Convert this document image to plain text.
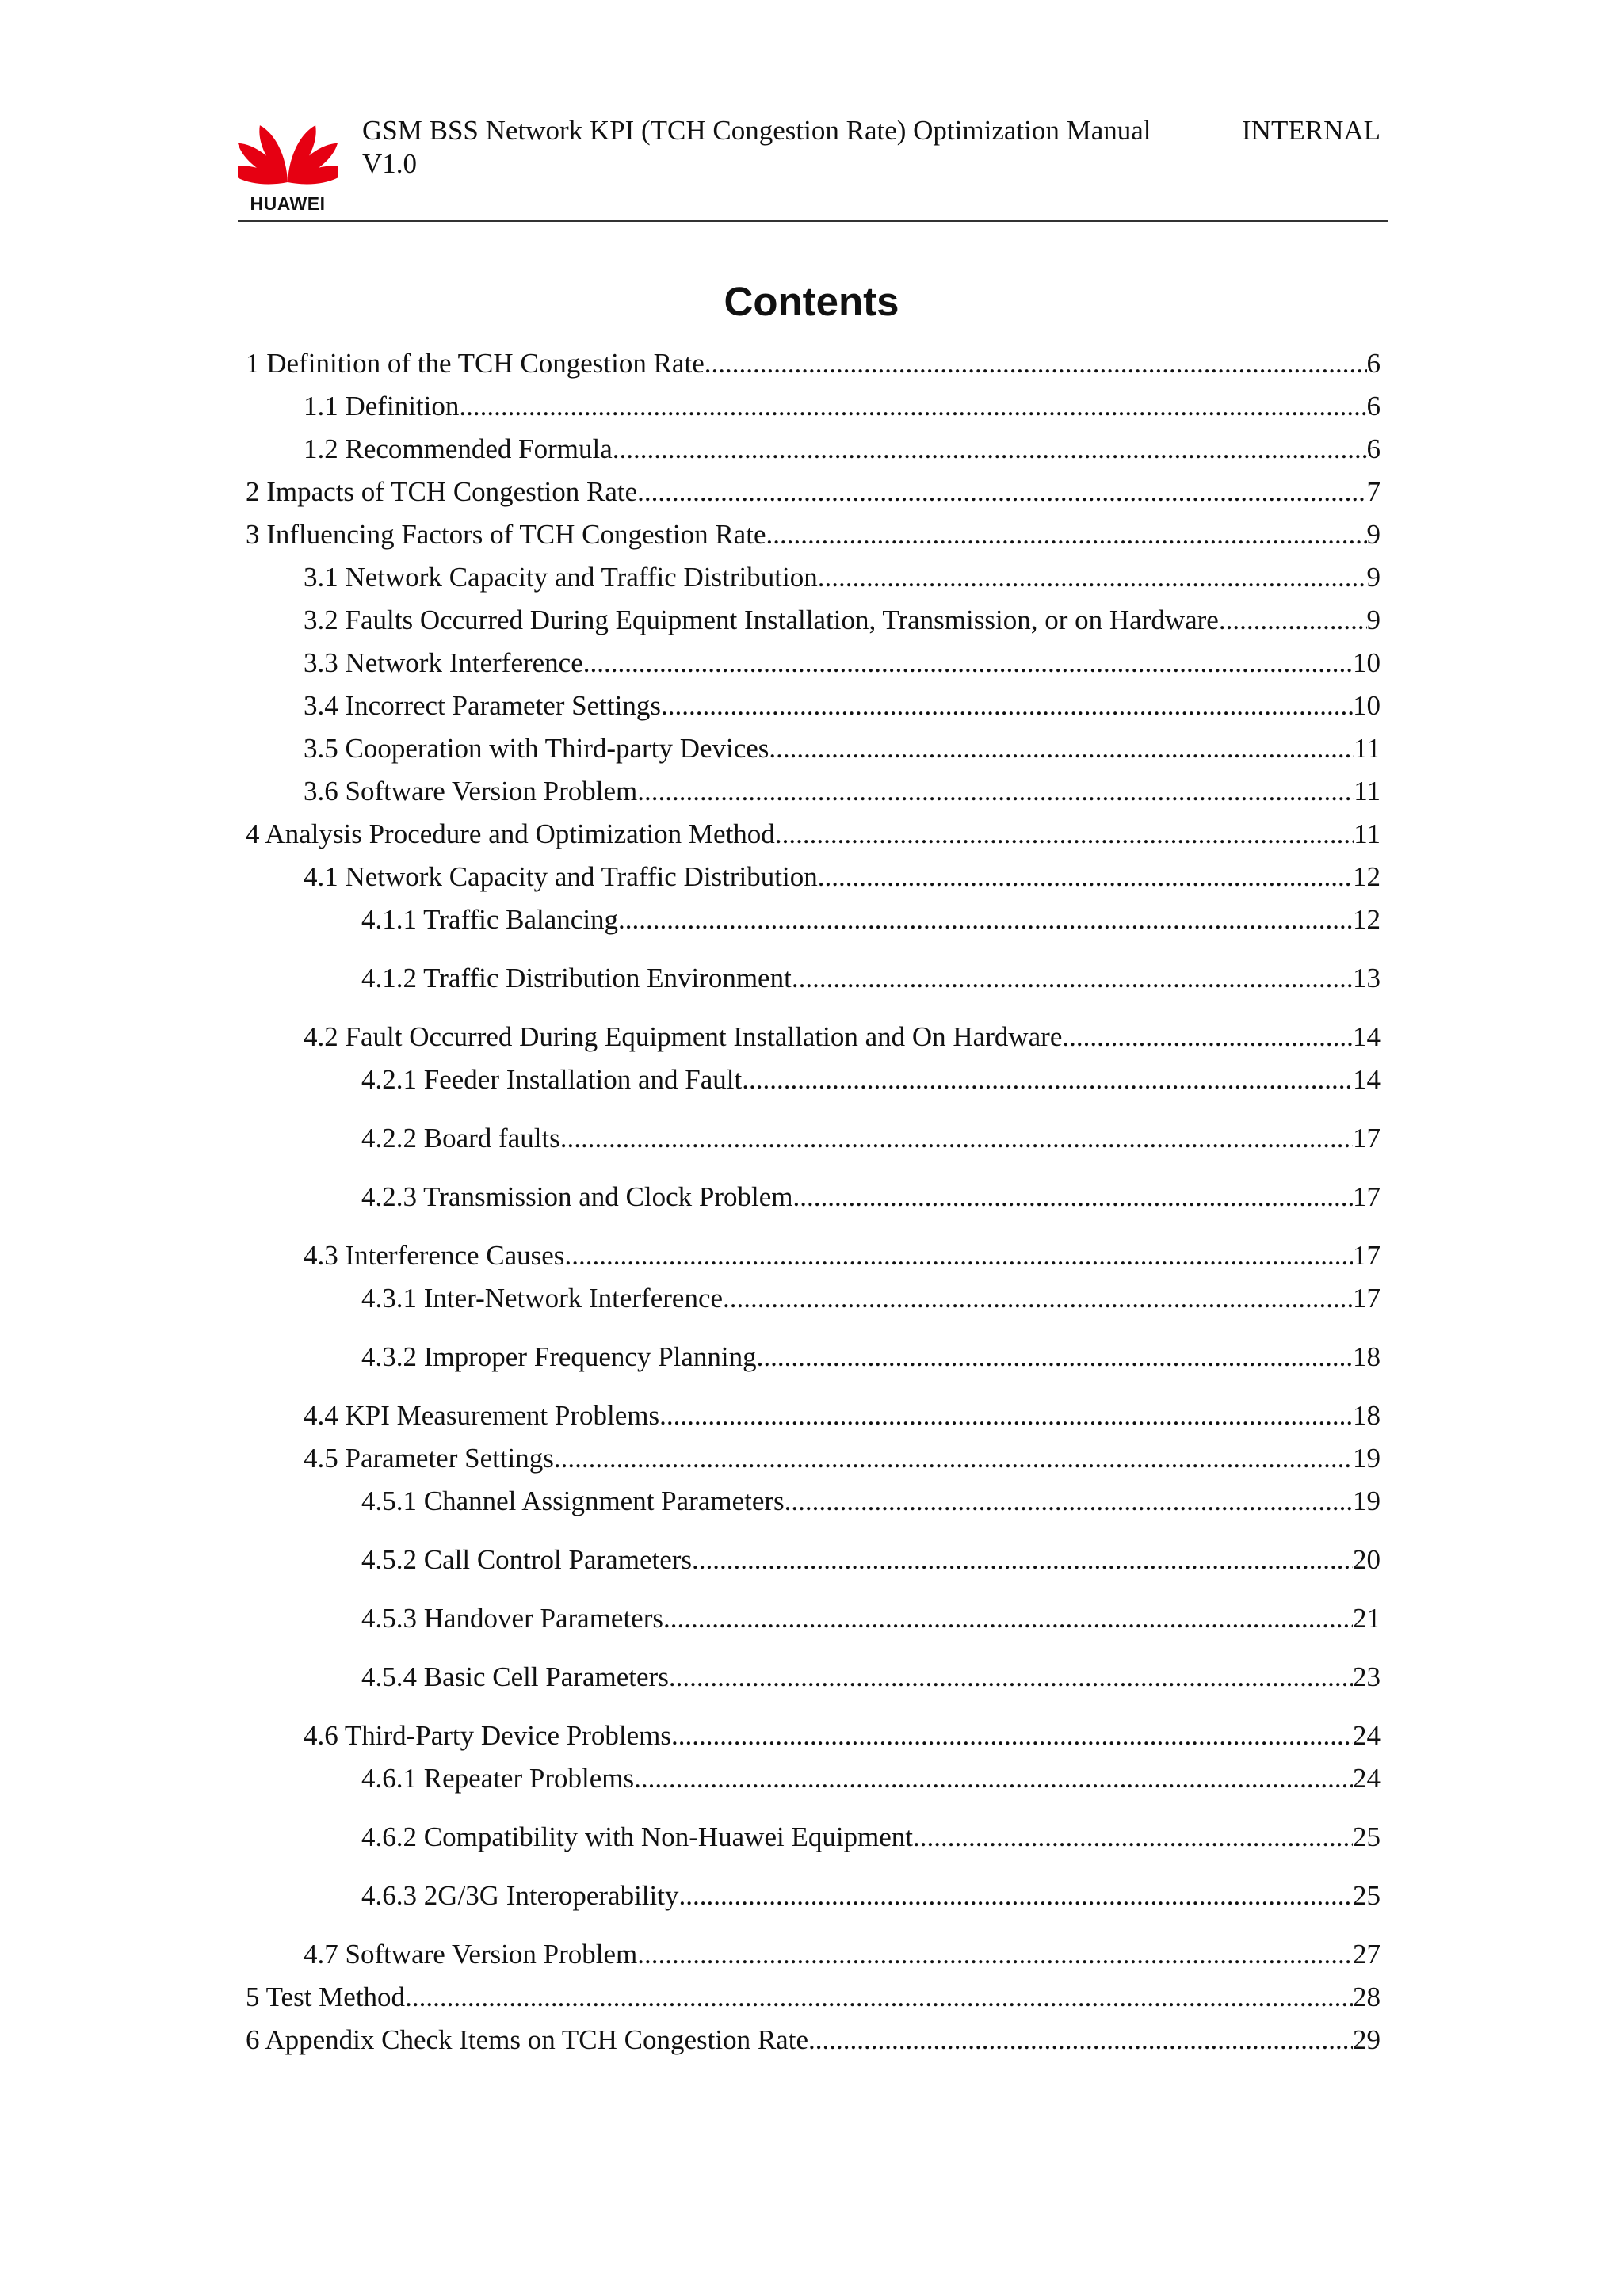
HUAWEI
GSM BSS Network KPI (TCH Congestion Rate) Optimization Manual
V1.0
INTERNAL
Contents
1 Definition of the TCH Congestion Rate .....	6
1.1 Definition .....	6
1.2 Recommended Formula .....	6
2 Impacts of TCH Congestion Rate .....	7
3 Influencing Factors of TCH Congestion Rate .....	9
3.1 Network Capacity and Traffic Distribution .....	9
3.2 Faults Occurred During Equipment Installation, Transmission, or on Hardware .....	9
3.3 Network Interference .....	10
3.4 Incorrect Parameter Settings .....	10
3.5 Cooperation with Third-party Devices .....	11
3.6 Software Version Problem .....	11
4 Analysis Procedure and Optimization Method .....	11
4.1 Network Capacity and Traffic Distribution .....	12
4.1.1 Traffic Balancing .....	12
4.1.2 Traffic Distribution Environment .....	13
4.2 Fault Occurred During Equipment Installation and On Hardware .....	14
4.2.1 Feeder Installation and Fault .....	14
4.2.2 Board faults .....	17
4.2.3 Transmission and Clock Problem .....	17
4.3 Interference Causes .....	17
4.3.1 Inter-Network Interference .....	17
4.3.2 Improper Frequency Planning .....	18
4.4 KPI Measurement Problems .....	18
4.5 Parameter Settings .....	19
4.5.1 Channel Assignment Parameters .....	19
4.5.2 Call Control Parameters .....	20
4.5.3 Handover Parameters .....	21
4.5.4 Basic Cell Parameters .....	23
4.6 Third-Party Device Problems .....	24
4.6.1 Repeater Problems .....	24
4.6.2 Compatibility with Non-Huawei Equipment .....	25
4.6.3 2G/3G Interoperability .....	25
4.7 Software Version Problem .....	27
5 Test Method .....	28
6 Appendix Check Items on TCH Congestion Rate .....	29
